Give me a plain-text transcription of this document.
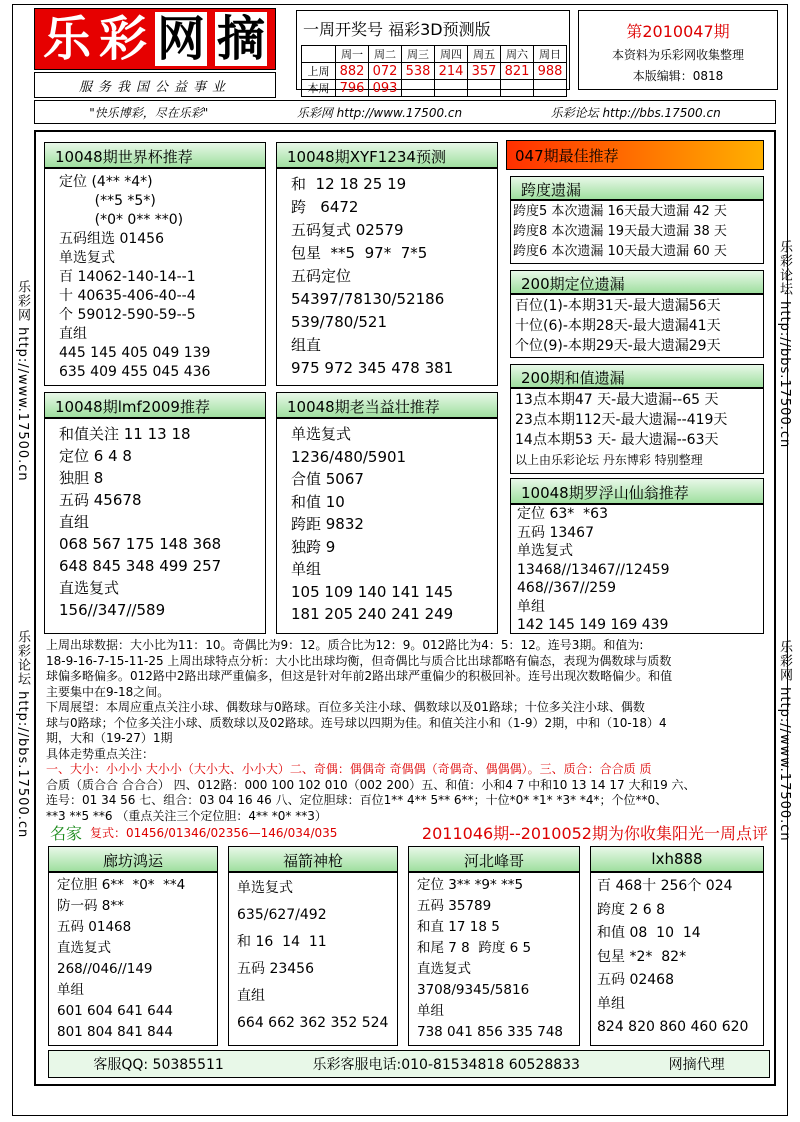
乐 彩 网 摘
服务我国公益事业
一周开奖号 福彩3D预测版
	周一	周二	周三	周四	周五	周六	周日
上周	882	072	538	214	357	821	988
本周	796	093					
第2010047期
本资料为乐彩网收集整理
本版编辑：0818
"快乐博彩，尽在乐彩"	乐彩网 http://www.17500.cn	乐彩论坛 http://bbs.17500.cn
乐彩网 http://www.17500.cn
乐彩论坛 http://bbs.17500.cn
乐彩论坛 http://bbs.17500.cn
乐彩网 http://www.17500.cn
10048期世界杯推荐
定位 (4** *4*)
(**5 *5*)
(*0* 0** **0)
五码组选 01456
单选复式
百 14062-140-14--1
十 40635-406-40--4
个 59012-590-59--5
直组
445 145 405 049 139
635 409 455 045 436
10048期XYF1234预测
和  12 18 25 19
跨   6472
五码复式 02579
包星  **5  97*  7*5
五码定位
54397/78130/52186
539/780/521
组直
975 972 345 478 381
10048期lmf2009推荐
和值关注 11 13 18
定位 6 4 8
独胆 8
五码 45678
直组
068 567 175 148 368
648 845 348 499 257
直选复式
156//347//589
10048期老当益壮推荐
单选复式
1236/480/5901
合值 5067
和值 10
跨距 9832
独跨 9
单组
105 109 140 141 145
181 205 240 241 249
047期最佳推荐
跨度遗漏
跨度5 本次遗漏 16天最大遗漏 42 天
跨度8 本次遗漏 19天最大遗漏 38 天
跨度6 本次遗漏 10天最大遗漏 60 天
200期定位遗漏
百位(1)-本期31天-最大遗漏56天
十位(6)-本期28天-最大遗漏41天
个位(9)-本期29天-最大遗漏29天
200期和值遗漏
13点本期47 天-最大遗漏--65 天
23点本期112天-最大遗漏--419天
14点本期53 天- 最大遗漏--63天
以上由乐彩论坛 丹东博彩 特别整理
10048期罗浮山仙翁推荐
定位 63*  *63
五码 13467
单选复式
13468//13467//12459
468//367//259
单组
142 145 149 169 439
上周出球数据：大小比为11：10。奇偶比为9：12。质合比为12：9。012路比为4：5：12。连号3期。和值为:
18-9-16-7-15-11-25 上周出球特点分析：大小比出球均衡，但奇偶比与质合比出球都略有偏态，表现为偶数球与质数
球偏多略偏多。012路中2路出球严重偏多，但这是针对年前2路出球严重偏少的积极回补。连号出现次数略偏少。和值
主要集中在9-18之间。
下周展望：本周应重点关注小球、偶数球与0路球。百位多关注小球、偶数球以及01路球；十位多关注小球、偶数
球与0路球；个位多关注小球、质数球以及02路球。连号球以四期为佳。和值关注小和（1-9）2期，中和（10-18）4
期，大和（19-27）1期
具体走势重点关注：
一、大小：小小小 大小小（大小大、小小大）二、奇偶：偶偶奇 奇偶偶（奇偶奇、偶偶偶）。三、质合：合合质 质
合质（质合合 合合合） 四、012路：000 100 102 010（002 200）五、和值：小和4 7 中和10 13 14 17 大和19 六、
连号：01 34 56 七、组合：03 04 16 46 八、定位胆球：百位1** 4** 5** 6**；十位*0* *1* *3* *4*；个位**0、
**3 **5 **6 （重点关注三个定位胆：4** *0* **3）
名家 复式：01456/01346/02356—146/034/035	2011046期--2010052期为你收集阳光一周点评
廊坊鸿运
定位胆 6**  *0*  **4
防一码 8**
五码 01468
直选复式
268//046//149
单组
601 604 641 644
801 804 841 844
福箭神枪
单选复式
635/627/492
和 16  14  11
五码 23456
直组
664 662 362 352 524
河北峰哥
定位 3** *9* **5
五码 35789
和直 17 18 5
和尾 7 8  跨度 6 5
直选复式
3708/9345/5816
单组
738 041 856 335 748
lxh888
百 468十 256个 024
跨度 2 6 8
和值 08  10  14
包星 *2*  82*
五码 02468
单组
824 820 860 460 620
客服QQ: 50385511	乐彩客服电话:010-81534818 60528833	网摘代理
